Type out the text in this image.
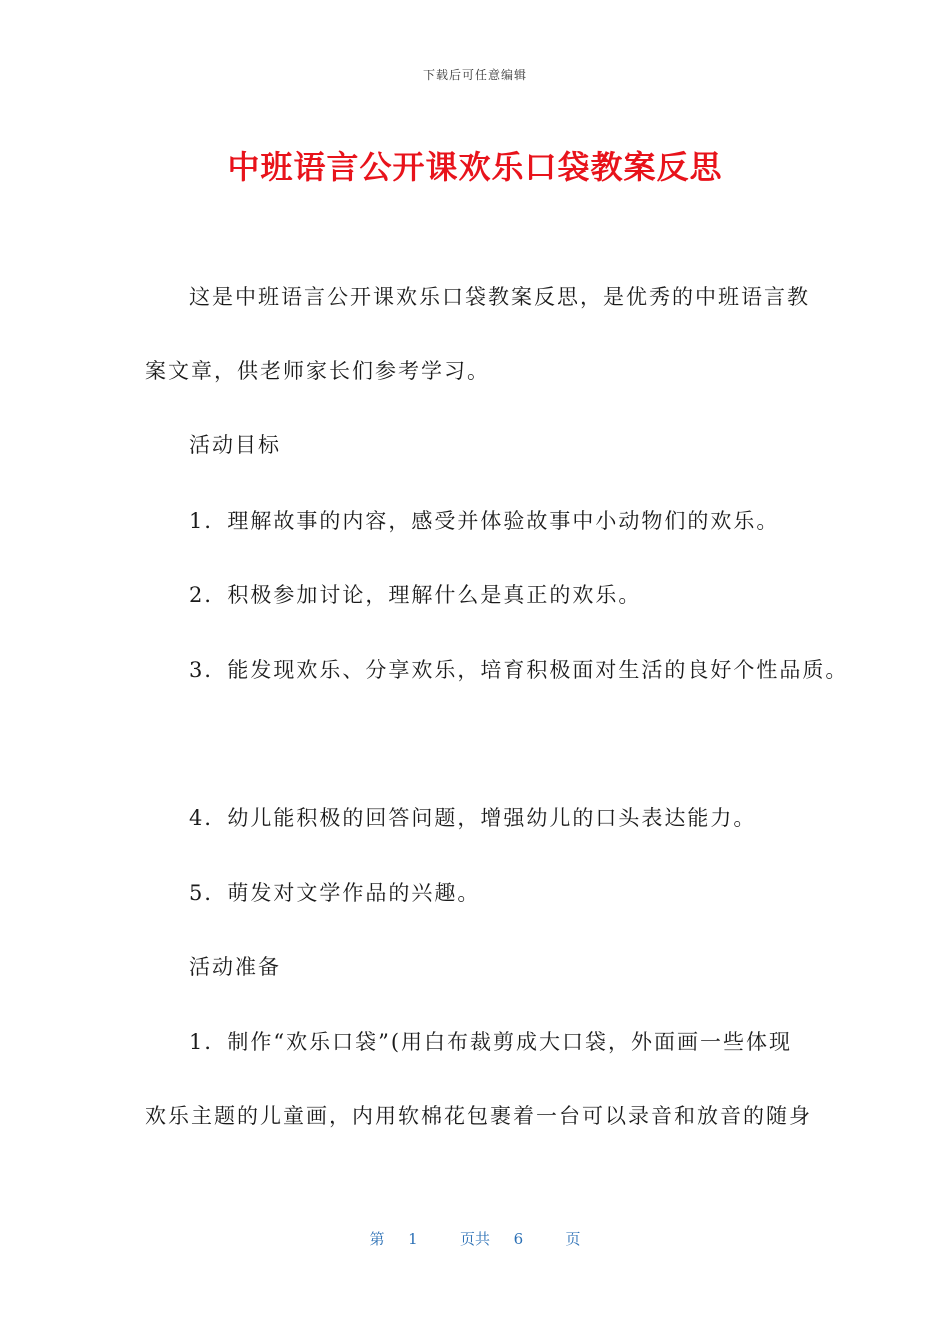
下载后可任意编辑
中班语言公开课欢乐口袋教案反思
这是中班语言公开课欢乐口袋教案反思，是优秀的中班语言教
案文章，供老师家长们参考学习。
活动目标
1．理解故事的内容，感受并体验故事中小动物们的欢乐。
2．积极参加讨论，理解什么是真正的欢乐。
3．能发现欢乐、分享欢乐，培育积极面对生活的良好个性品质。
4．幼儿能积极的回答问题，增强幼儿的口头表达能力。
5．萌发对文学作品的兴趣。
活动准备
1．制作“欢乐口袋”(用白布裁剪成大口袋，外面画一些体现
欢乐主题的儿童画，内用软棉花包裹着一台可以录音和放音的随身
第 1	页共 6	页
